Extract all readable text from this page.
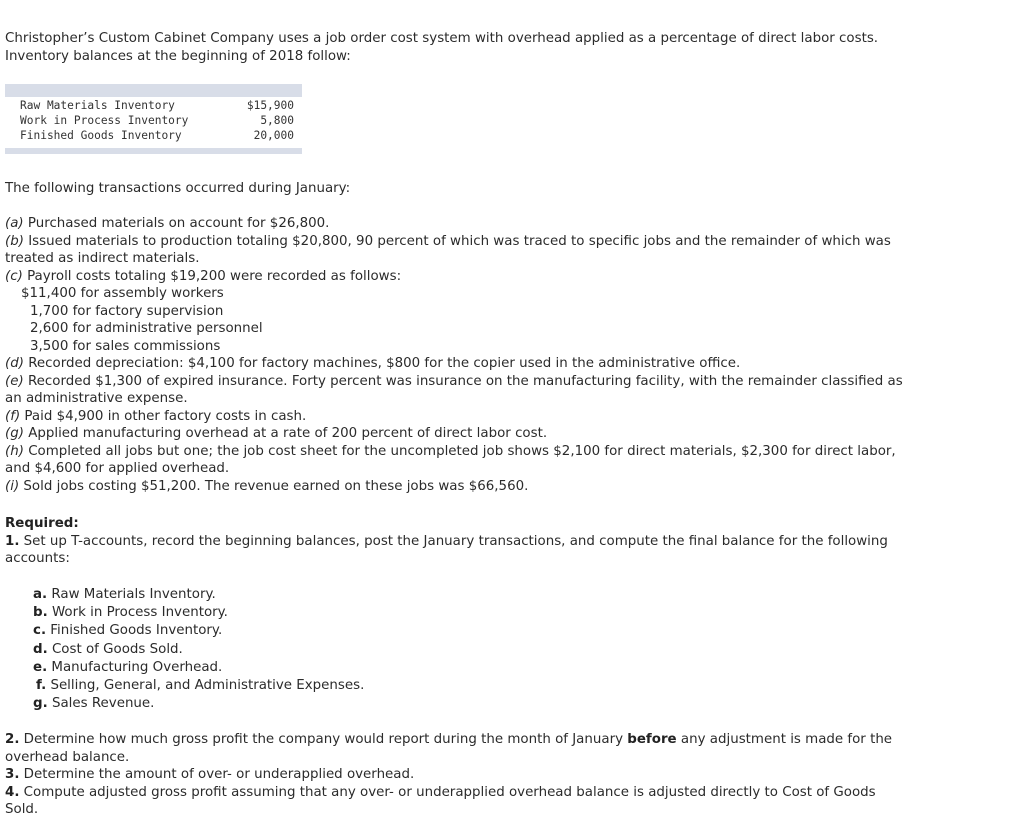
Christopher’s Custom Cabinet Company uses a job order cost system with overhead applied as a percentage of direct labor costs.
Inventory balances at the beginning of 2018 follow:
Raw Materials Inventory	$15,900
Work in Process Inventory	5,800
Finished Goods Inventory	20,000
The following transactions occurred during January:
(a) Purchased materials on account for $26,800.
(b) Issued materials to production totaling $20,800, 90 percent of which was traced to specific jobs and the remainder of which was
treated as indirect materials.
(c) Payroll costs totaling $19,200 were recorded as follows:
$11,400 for assembly workers
1,700 for factory supervision
2,600 for administrative personnel
3,500 for sales commissions
(d) Recorded depreciation: $4,100 for factory machines, $800 for the copier used in the administrative office.
(e) Recorded $1,300 of expired insurance. Forty percent was insurance on the manufacturing facility, with the remainder classified as
an administrative expense.
(f) Paid $4,900 in other factory costs in cash.
(g) Applied manufacturing overhead at a rate of 200 percent of direct labor cost.
(h) Completed all jobs but one; the job cost sheet for the uncompleted job shows $2,100 for direct materials, $2,300 for direct labor,
and $4,600 for applied overhead.
(i) Sold jobs costing $51,200. The revenue earned on these jobs was $66,560.
Required:
1. Set up T-accounts, record the beginning balances, post the January transactions, and compute the final balance for the following
accounts:
a. Raw Materials Inventory.
b. Work in Process Inventory.
c. Finished Goods Inventory.
d. Cost of Goods Sold.
e. Manufacturing Overhead.
f. Selling, General, and Administrative Expenses.
g. Sales Revenue.
2. Determine how much gross profit the company would report during the month of January before any adjustment is made for the
overhead balance.
3. Determine the amount of over- or underapplied overhead.
4. Compute adjusted gross profit assuming that any over- or underapplied overhead balance is adjusted directly to Cost of Goods
Sold.
